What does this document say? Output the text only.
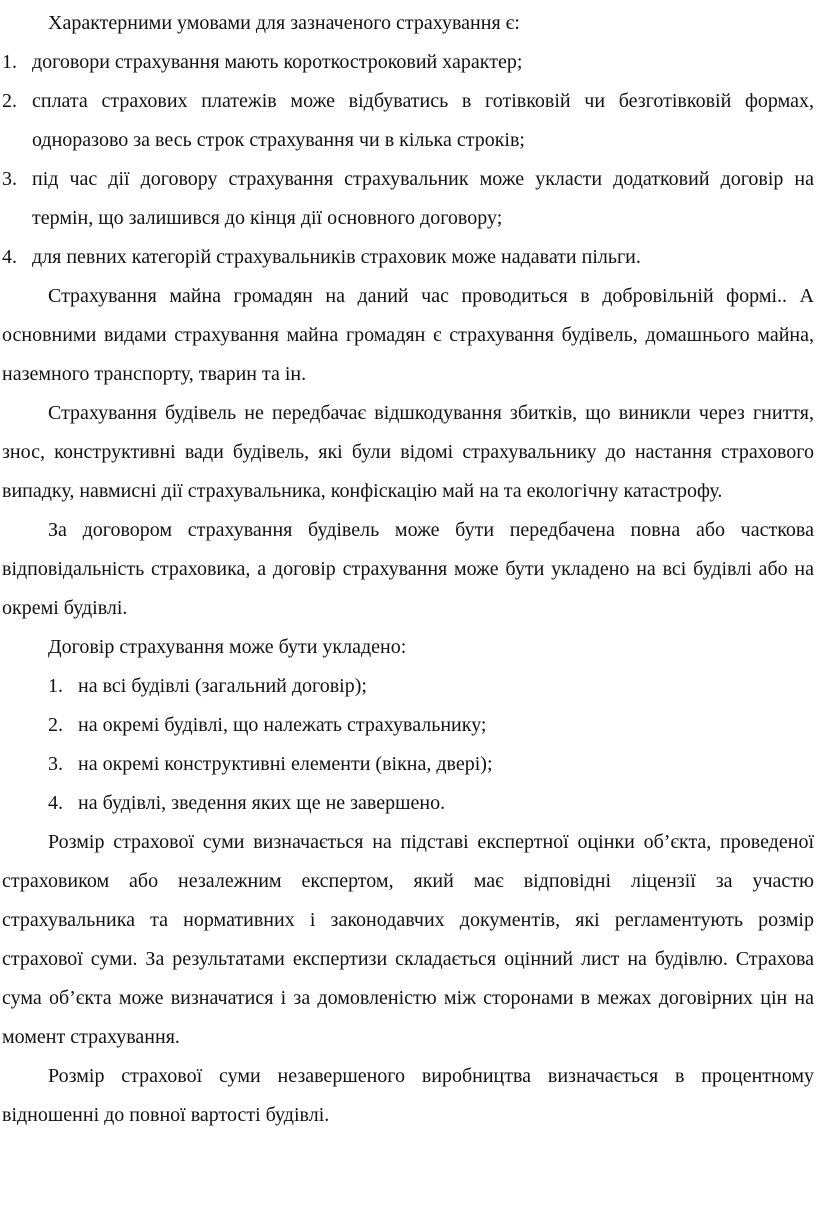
Характерними умовами для зазначеного страхування є:

1. договори страхування мають короткостроковий характер;
2. сплата страхових платежів може відбуватись в готівковій чи безготівковій формах, одноразово за весь строк страхування чи в кілька строків;
3. під час дії договору страхування страхувальник може укласти додатковий договір на термін, що залишився до кінця дії основного договору;
4. для певних категорій страхувальників страховик може надавати пільги.

Страхування майна громадян на даний час проводиться в добровільній формі.. А основними видами страхування майна громадян є страхування будівель, домашнього майна, наземного транспорту, тварин та ін.

Страхування будівель не передбачає відшкодування збитків, що виникли через гниття, знос, конструктивні вади будівель, які були відомі страхувальнику до настання страхового випадку, навмисні дії страхувальника, конфіскацію май на та екологічну катастрофу.

За договором страхування будівель може бути передбачена повна або часткова відповідальність страховика, а договір страхування може бути укладено на всі будівлі або на окремі будівлі.

Договір страхування може бути укладено:

1. на всі будівлі (загальний договір);
2. на окремі будівлі, що належать страхувальнику;
3. на окремі конструктивні елементи (вікна, двері);
4. на будівлі, зведення яких ще не завершено.

Розмір страхової суми визначається на підставі експертної оцінки об’єкта, проведеної страховиком або незалежним експертом, який має відповідні ліцензії за участю страхувальника та нормативних і законодавчих документів, які регламентують розмір страхової суми. За результатами експертизи складається оцінний лист на будівлю. Страхова сума об’єкта може визначатися і за домовленістю між сторонами в межах договірних цін на момент страхування.

Розмір страхової суми незавершеного виробництва визначається в процентному відношенні до повної вартості будівлі.
